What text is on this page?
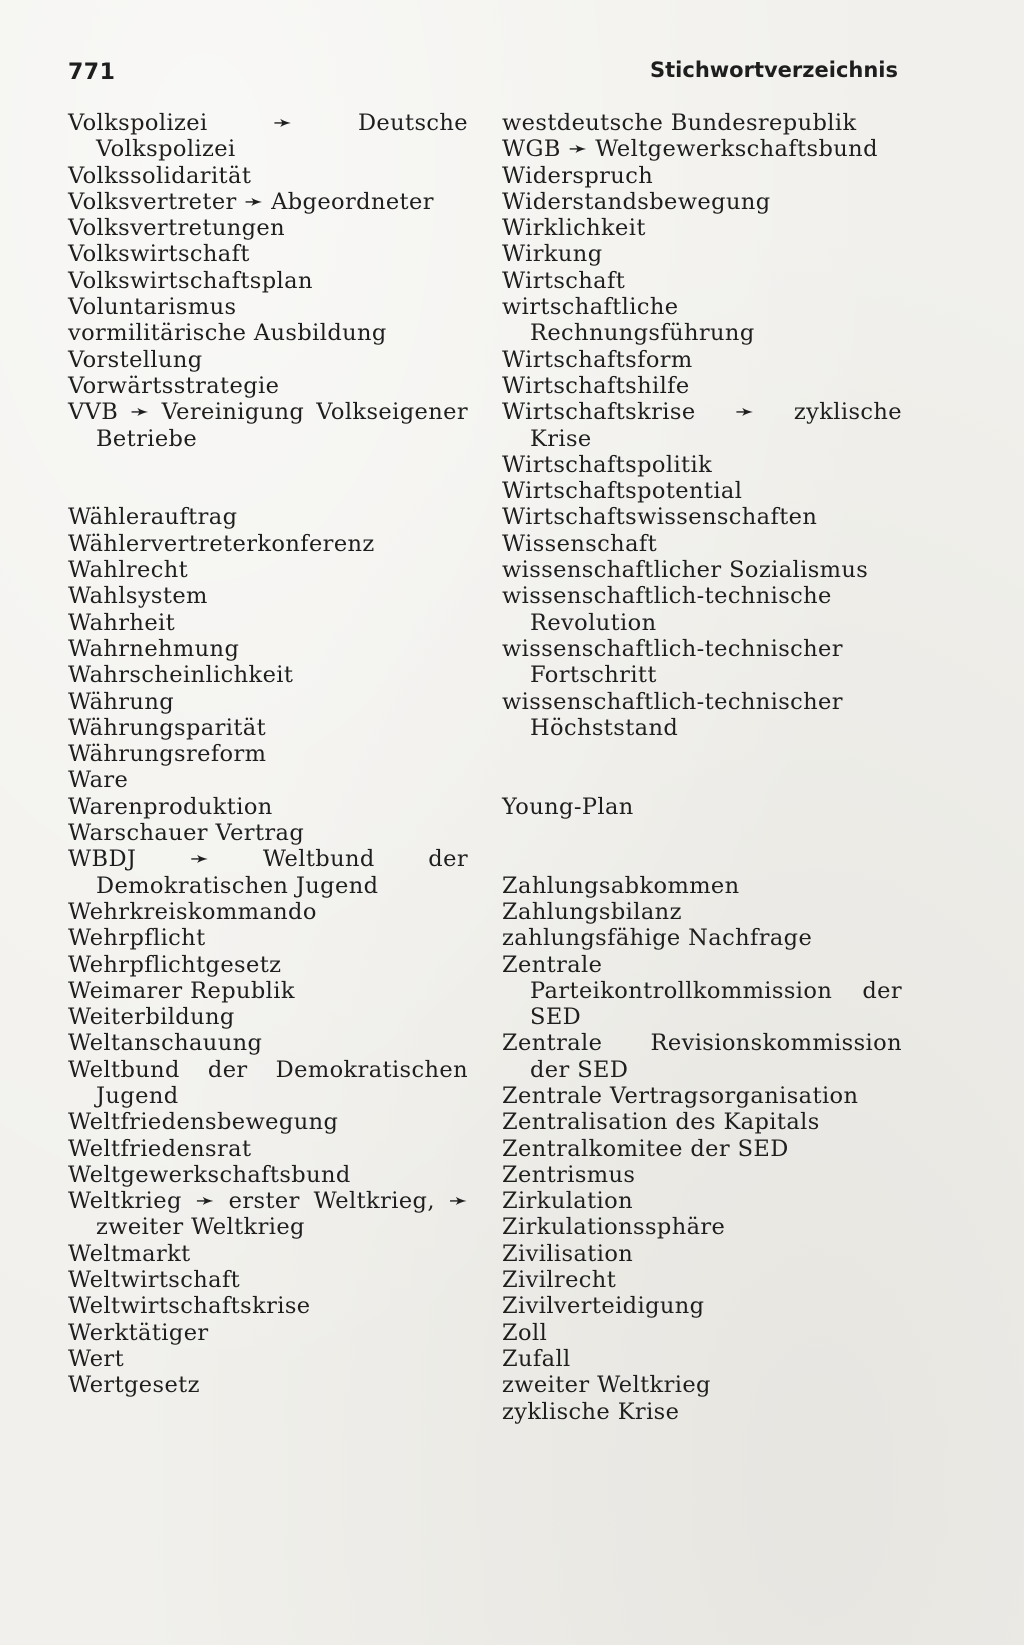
771	Stichwortverzeichnis
Volkspolizei ➛ Deutsche Volkspolizei
Volkssolidarität
Volksvertreter ➛ Abgeordneter
Volksvertretungen
Volkswirtschaft
Volkswirtschaftsplan
Voluntarismus
vormilitärische Ausbildung
Vorstellung
Vorwärtsstrategie
VVB ➛ Vereinigung Volkseigener Betriebe
Wählerauftrag
Wählervertreterkonferenz
Wahlrecht
Wahlsystem
Wahrheit
Wahrnehmung
Wahrscheinlichkeit
Währung
Währungsparität
Währungsreform
Ware
Warenproduktion
Warschauer Vertrag
WBDJ ➛ Weltbund der Demokratischen Jugend
Wehrkreiskommando
Wehrpflicht
Wehrpflichtgesetz
Weimarer Republik
Weiterbildung
Weltanschauung
Weltbund der Demokratischen Jugend
Weltfriedensbewegung
Weltfriedensrat
Weltgewerkschaftsbund
Weltkrieg ➛ erster Weltkrieg, ➛ zweiter Weltkrieg
Weltmarkt
Weltwirtschaft
Weltwirtschaftskrise
Werktätiger
Wert
Wertgesetz
westdeutsche Bundesrepublik
WGB ➛ Weltgewerkschaftsbund
Widerspruch
Widerstandsbewegung
Wirklichkeit
Wirkung
Wirtschaft
wirtschaftliche Rechnungsführung
Wirtschaftsform
Wirtschaftshilfe
Wirtschaftskrise ➛ zyklische Krise
Wirtschaftspolitik
Wirtschaftspotential
Wirtschaftswissenschaften
Wissenschaft
wissenschaftlicher Sozialismus
wissenschaftlich-technische Revolution
wissenschaftlich-technischer Fortschritt
wissenschaftlich-technischer Höchststand
Young-Plan
Zahlungsabkommen
Zahlungsbilanz
zahlungsfähige Nachfrage
Zentrale Parteikontrollkommission der SED
Zentrale Revisionskommission der SED
Zentrale Vertragsorganisation
Zentralisation des Kapitals
Zentralkomitee der SED
Zentrismus
Zirkulation
Zirkulationssphäre
Zivilisation
Zivilrecht
Zivilverteidigung
Zoll
Zufall
zweiter Weltkrieg
zyklische Krise
